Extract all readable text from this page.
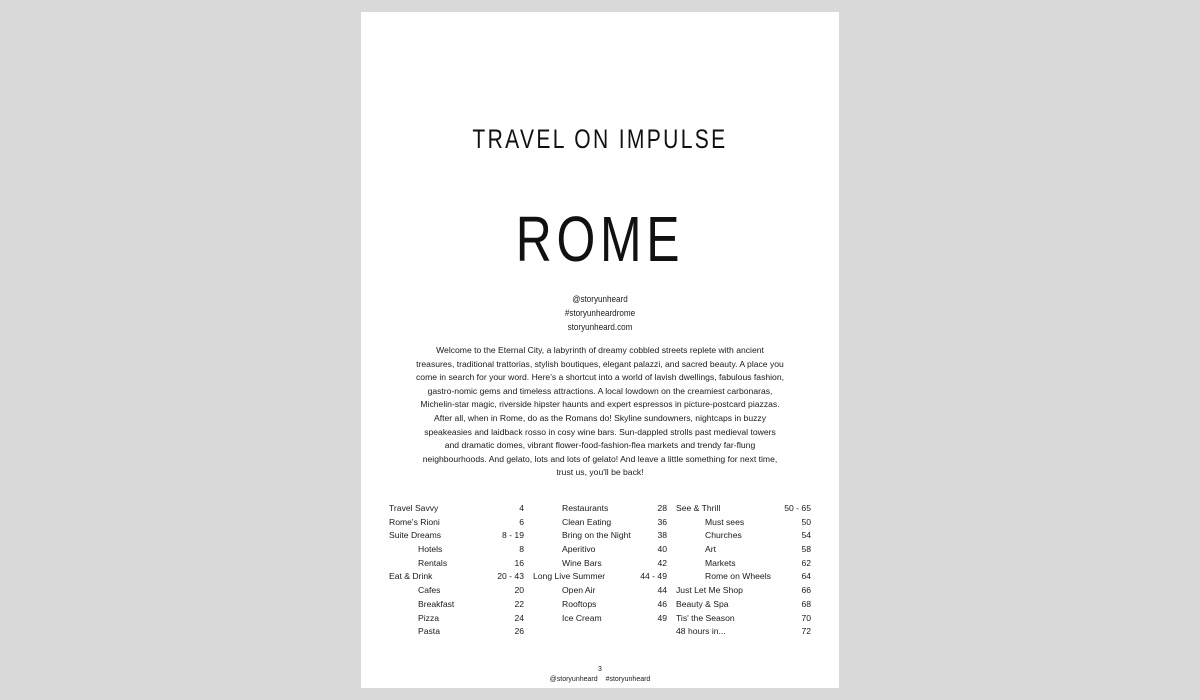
TRAVEL ON IMPULSE
ROME
@storyunheard
#storyunheardrome
storyunheard.com
Welcome to the Eternal City, a labyrinth of dreamy cobbled streets replete with ancient treasures, traditional trattorias, stylish boutiques, elegant palazzi, and sacred beauty. A place you come in search for your word. Here's a shortcut into a world of lavish dwellings, fabulous fashion, gastro-nomic gems and timeless attractions. A local lowdown on the creamiest carbonaras, Michelin-star magic, riverside hipster haunts and expert espressos in picture-postcard piazzas. After all, when in Rome, do as the Romans do! Skyline sundowners, nightcaps in buzzy speakeasies and laidback rosso in cosy wine bars. Sun-dappled strolls past medieval towers and dramatic domes, vibrant flower-food-fashion-flea markets and trendy far-flung neighbourhoods. And gelato, lots and lots of gelato! And leave a little something for next time, trust us, you'll be back!
Travel Savvy	4
Rome's Rioni	6
Suite Dreams	8 - 19
Hotels	8
Rentals	16
Eat & Drink	20 - 43
Cafes	20
Breakfast	22
Pizza	24
Pasta	26
Restaurants	28
Clean Eating	36
Bring on the Night	38
Aperitivo	40
Wine Bars	42
Long Live Summer	44 - 49
Open Air	44
Rooftops	46
Ice Cream	49
See & Thrill	50 - 65
Must sees	50
Churches	54
Art	58
Markets	62
Rome on Wheels	64
Just Let Me Shop	66
Beauty & Spa	68
Tis' the Season	70
48 hours in...	72
3
@storyunheard #storyunheard
